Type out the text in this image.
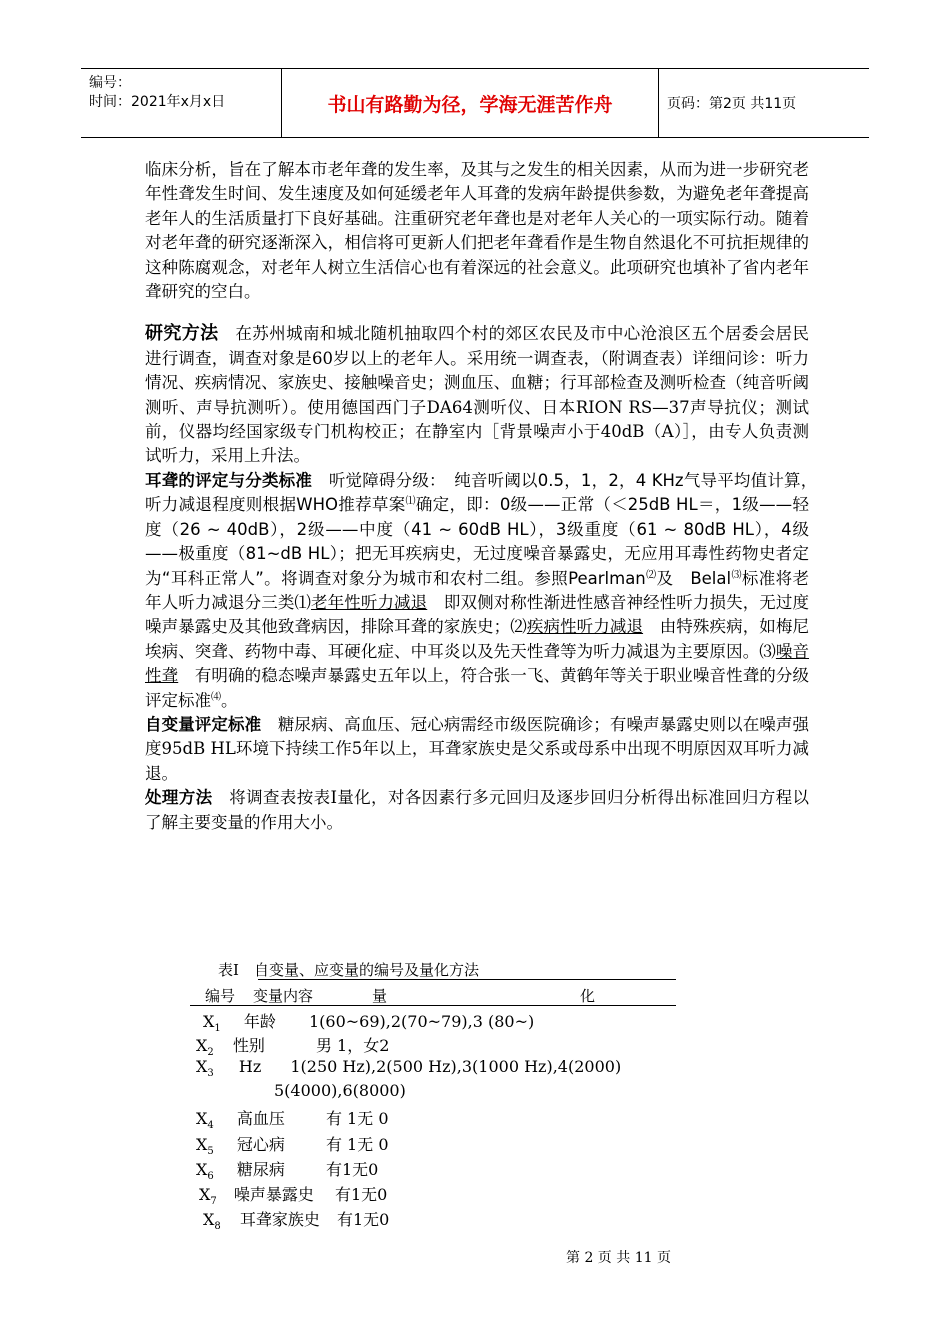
编号：
时间：2021年x月x日	书山有路勤为径，学海无涯苦作舟	页码：第2页 共11页

临床分析，旨在了解本市老年聋的发生率，及其与之发生的相关因素，从而为进一步研究老年性聋发生时间、发生速度及如何延缓老年人耳聋的发病年龄提供参数，为避免老年聋提高老年人的生活质量打下良好基础。注重研究老年聋也是对老年人关心的一项实际行动。随着对老年聋的研究逐渐深入，相信将可更新人们把老年聋看作是生物自然退化不可抗拒规律的这种陈腐观念，对老年人树立生活信心也有着深远的社会意义。此项研究也填补了省内老年聋研究的空白。

研究方法　 在苏州城南和城北随机抽取四个村的郊区农民及市中心沧浪区五个居委会居民进行调查，调查对象是60岁以上的老年人。采用统一调查表，（附调查表）详细问诊：听力情况、疾病情况、家族史、接触噪音史；测血压、血糖；行耳部检查及测听检查（纯音听阈测听、声导抗测听）。使用德国西门子DA64测听仪、日本RION RS—37声导抗仪；测试前，仪器均经国家级专门机构校正；在静室内［背景噪声小于40dB（A）］，由专人负责测试听力，采用上升法。

耳聋的评定与分类标准　 听觉障碍分级：　纯音听阈以0.5，1，2，4 KHz气导平均值计算，　听力减退程度则根据WHO推荐草案⑴确定，即：0级——正常（＜25dB HL＝，1级——轻度（26 ~ 40dB），2级——中度（41 ~ 60dB HL），3级重度（61 ~ 80dB HL），4级——极重度（81~dB HL）；把无耳疾病史，无过度噪音暴露史，无应用耳毒性药物史者定为“耳科正常人”。将调查对象分为城市和农村二组。参照Pearlman⑵及　Belal⑶标准将老年人听力减退分三类⑴老年性听力减退　 即双侧对称性渐进性感音神经性听力损失，无过度噪声暴露史及其他致聋病因，排除耳聋的家族史；⑵疾病性听力减退　 由特殊疾病，如梅尼埃病、突聋、药物中毒、耳硬化症、中耳炎以及先天性聋等为听力减退为主要原因。⑶噪音性聋　有明确的稳态噪声暴露史五年以上，符合张一飞、黄鹤年等关于职业噪音性聋的分级评定标准⑷。

自变量评定标准　 糖尿病、高血压、冠心病需经市级医院确诊；有噪声暴露史则以在噪声强度95dB HL环境下持续工作5年以上，耳聋家族史是父系或母系中出现不明原因双耳听力减退。

处理方法　 将调查表按表Ⅰ量化，对各因素行多元回归及逐步回归分析得出标准回归方程以了解主要变量的作用大小。

表Ⅰ　 自变量、应变量的编号及量化方法
编号 变量内容	量	化
$X_1$ 年龄 1(60~69),2(70~79),3 (80~)
$X_2$ 性别	男 1，女2
$X_3$ Hz 1(250 Hz),2(500 Hz),3(1000 Hz),4(2000)
5(4000),6(8000)
$X_4$ 高血压	有 1无 0
$X_5$ 冠心病	有 1无 0
$X_6$ 糖尿病	有1无0
$X_7$ 噪声暴露史 有1无0
$X_8$ 耳聋家族史 有1无0
第 2 页 共 11 页
